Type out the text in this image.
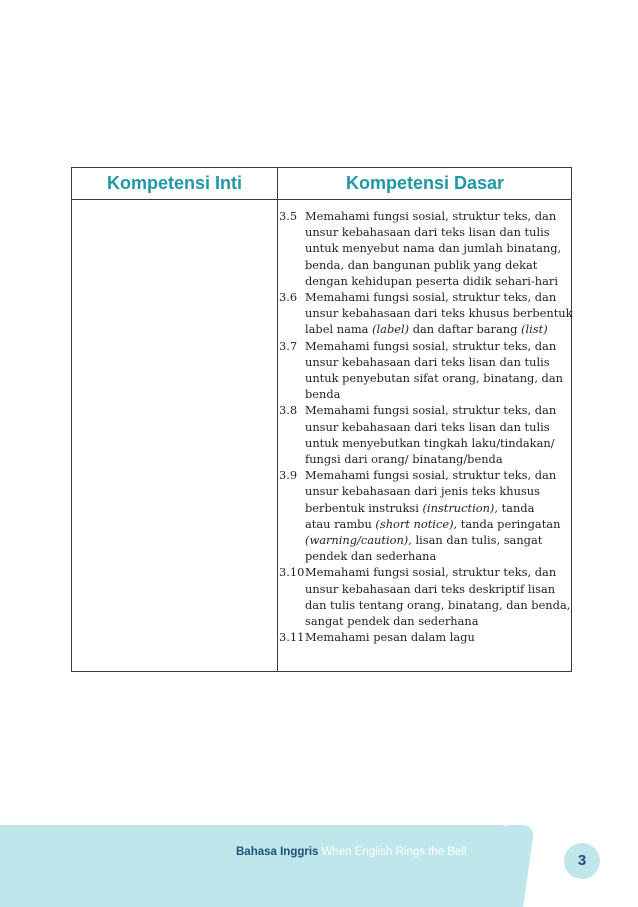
Kompetensi Inti	Kompetensi Dasar
3.5 Memahami fungsi sosial, struktur teks, dan
unsur kebahasaan dari teks lisan dan tulis
untuk menyebut nama dan jumlah binatang,
benda, dan bangunan publik yang dekat
dengan kehidupan peserta didik sehari-hari
3.6 Memahami fungsi sosial, struktur teks, dan
unsur kebahasaan dari teks khusus berbentuk
label nama (label) dan daftar barang (list)
3.7 Memahami fungsi sosial, struktur teks, dan
unsur kebahasaan dari teks lisan dan tulis
untuk penyebutan sifat orang, binatang, dan
benda
3.8 Memahami fungsi sosial, struktur teks, dan
unsur kebahasaan dari teks lisan dan tulis
untuk menyebutkan tingkah laku/tindakan/
fungsi dari orang/ binatang/benda
3.9 Memahami fungsi sosial, struktur teks, dan
unsur kebahasaan dari jenis teks khusus
berbentuk instruksi (instruction), tanda
atau rambu (short notice), tanda peringatan
(warning/caution), lisan dan tulis, sangat
pendek dan sederhana
3.10 Memahami fungsi sosial, struktur teks, dan
unsur kebahasaan dari teks deskriptif lisan
dan tulis tentang orang, binatang, dan benda,
sangat pendek dan sederhana
3.11 Memahami pesan dalam lagu
Bahasa Inggris When English Rings the Bell	3
